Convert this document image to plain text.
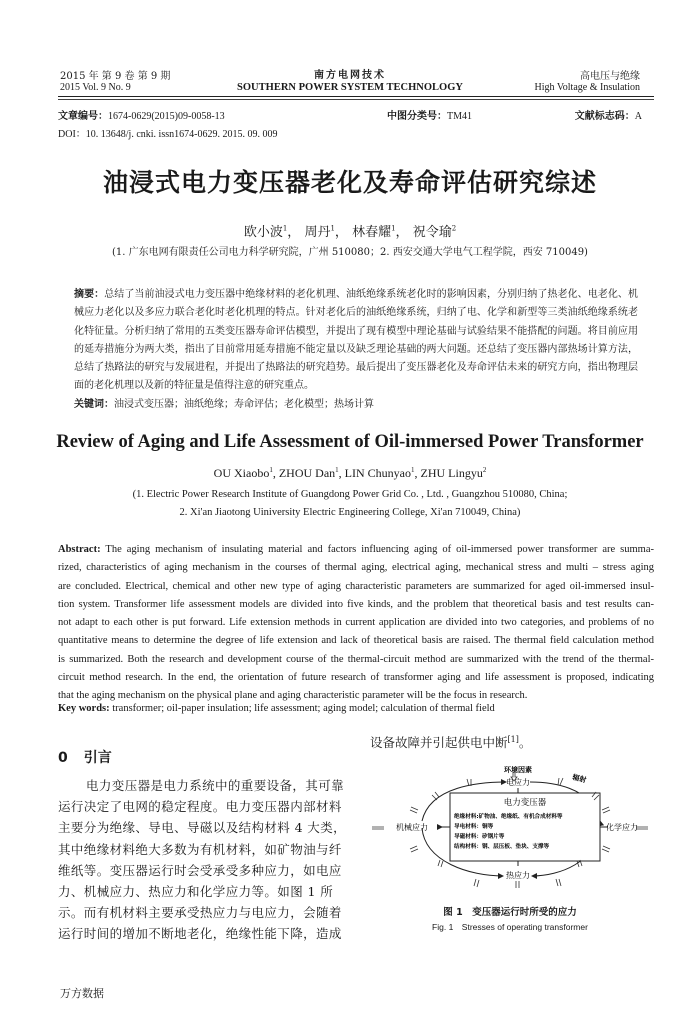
2015 年 第 9 卷 第 9 期
2015 Vol. 9 No. 9
南方电网技术
SOUTHERN POWER SYSTEM TECHNOLOGY
高电压与绝缘
High Voltage & Insulation
文章编号：1674-0629(2015)09-0058-13	中图分类号：TM41	文献标志码：A
DOI：10. 13648/j. cnki. issn1674-0629. 2015. 09. 009
油浸式电力变压器老化及寿命评估研究综述
欧小波$^1$， 周丹$^1$， 林春耀$^1$， 祝令瑜$^2$
(1. 广东电网有限责任公司电力科学研究院，广州 510080；2. 西安交通大学电气工程学院，西安 710049)
摘要：总结了当前油浸式电力变压器中绝缘材料的老化机理、油纸绝缘系统老化时的影响因素，分别归纳了热老化、电老化、机械应力老化以及多应力联合老化时老化机理的特点。针对老化后的油纸绝缘系统，归纳了电、化学和新型等三类油纸绝缘系统老化特征量。分析归纳了常用的五类变压器寿命评估模型，并提出了现有模型中理论基础与试验结果不能搭配的问题。将目前应用的延寿措施分为两大类，指出了目前常用延寿措施不能定量以及缺乏理论基础的两大问题。还总结了变压器内部热场计算方法，总结了热路法的研究与发展进程，并提出了热路法的研究趋势。最后提出了变压器老化及寿命评估未来的研究方向，指出物理层面的老化机理以及新的特征量是值得注意的研究重点。
关键词：油浸式变压器；油纸绝缘；寿命评估；老化模型；热场计算
Review of Aging and Life Assessment of Oil-immersed Power Transformer
OU Xiaobo$^1$, ZHOU Dan$^1$, LIN Chunyao$^1$, ZHU Lingyu$^2$
(1. Electric Power Research Institute of Guangdong Power Grid Co. , Ltd. , Guangzhou 510080, China;
2. Xi'an Jiaotong Uiniversity Electric Engineering College, Xi'an 710049, China)

Abstract: The aging mechanism of insulating material and factors influencing aging of oil-immersed power transformer are summa-

rized, characteristics of aging mechanism in the courses of thermal aging, electrical aging, mechanical stress and multi – stress aging

are concluded. Electrical, chemical and other new type of aging characteristic parameters are summarized for aged oil-immersed insul-

tion system. Transformer life assessment models are divided into five kinds, and the problem that theoretical basis and test results can-

not adapt to each other is put forward. Life extension methods in current application are divided into two categories, and problems of no

quantitative means to determine the degree of life extension and lack of theoretical basis are raised. The thermal field calculation method

is summarized. Both the research and development course of the thermal-circuit method are summarized with the trend of the thermal-

circuit method research. In the end, the orientation of future research of transformer aging and life assessment is proposed, indicating

that the aging mechanism on the physical plane and aging characteristic parameter will be the focus in research.

Key words: transformer; oil-paper insulation; life assessment; aging model; calculation of thermal field
0 引言

电力变压器是电力系统中的重要设备，其可靠

运行决定了电网的稳定程度。电力变压器内部材料

主要分为绝缘、导电、导磁以及结构材料 4 大类，

其中绝缘材料绝大多数为有机材料，如矿物油与纤

维纸等。变压器运行时会受承受多种应力，如电应

力、机械应力、热应力和化学应力等。如图 1 所

示。而有机材料主要承受热应力与电应力，会随着

运行时间的增加不断地老化，绝缘性能下降，造成

设备故障并引起供电中断[1]。
环境因素
辐射
电应力
机械应力	化学应力
热应力
电力变压器
绝缘材料:矿物油、绝缘纸、有机合成材料等
导电材料：铜等
导磁材料：矽钢片等
结构材料：钢、层压板、垫块、支撑等
图 1　变压器运行时所受的应力
Fig. 1　Stresses of operating transformer
万方数据
